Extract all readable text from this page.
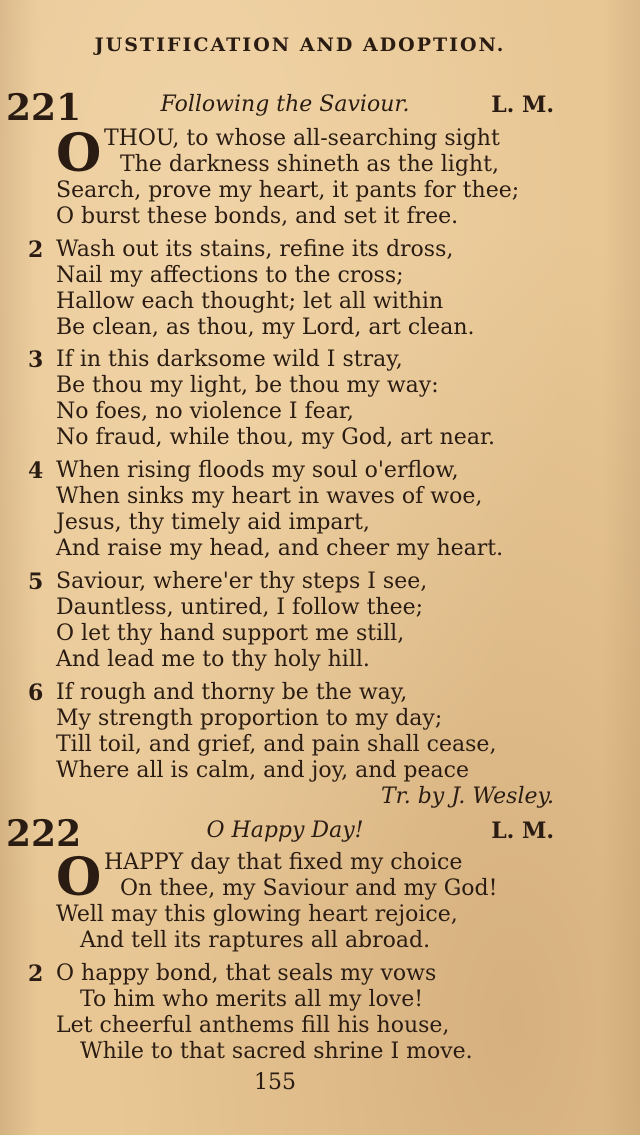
JUSTIFICATION AND ADOPTION.
221	Following the Saviour.	L. M.
O THOU, to whose all-searching sight
The darkness shineth as the light,
Search, prove my heart, it pants for thee;
O burst these bonds, and set it free.
2 Wash out its stains, refine its dross,
Nail my affections to the cross;
Hallow each thought; let all within
Be clean, as thou, my Lord, art clean.
3 If in this darksome wild I stray,
Be thou my light, be thou my way:
No foes, no violence I fear,
No fraud, while thou, my God, art near.
4 When rising floods my soul o'erflow,
When sinks my heart in waves of woe,
Jesus, thy timely aid impart,
And raise my head, and cheer my heart.
5 Saviour, where'er thy steps I see,
Dauntless, untired, I follow thee;
O let thy hand support me still,
And lead me to thy holy hill.
6 If rough and thorny be the way,
My strength proportion to my day;
Till toil, and grief, and pain shall cease,
Where all is calm, and joy, and peace
Tr. by J. Wesley.
222	O Happy Day!	L. M.
O HAPPY day that fixed my choice
On thee, my Saviour and my God!
Well may this glowing heart rejoice,
And tell its raptures all abroad.
2 O happy bond, that seals my vows
To him who merits all my love!
Let cheerful anthems fill his house,
While to that sacred shrine I move.
155
